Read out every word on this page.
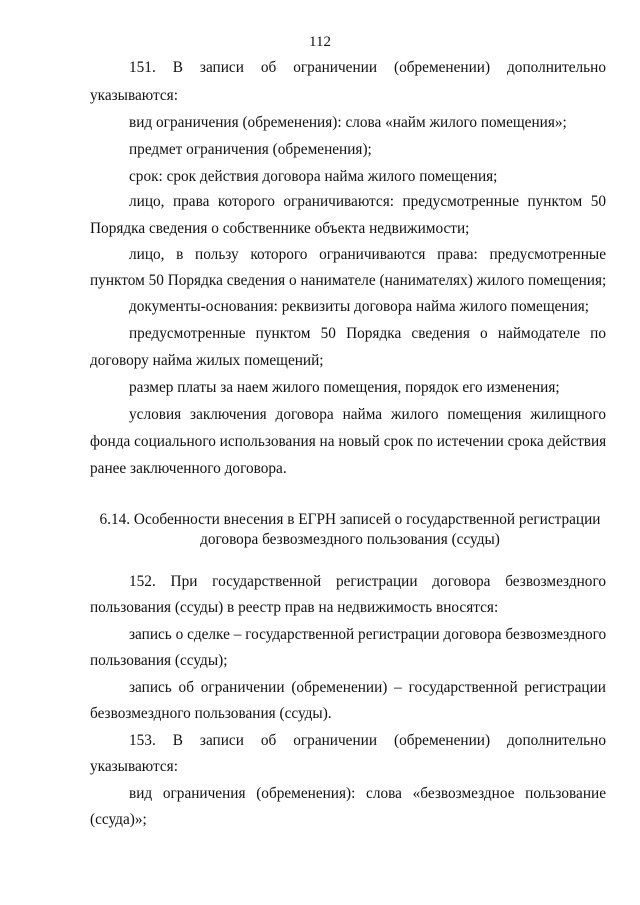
112
151. В записи об ограничении (обременении) дополнительно
указываются:
вид ограничения (обременения): слова «найм жилого помещения»;
предмет ограничения (обременения);
срок: срок действия договора найма жилого помещения;
лицо, права которого ограничиваются: предусмотренные пунктом 50
Порядка сведения о собственнике объекта недвижимости;
лицо, в пользу которого ограничиваются права: предусмотренные
пунктом 50 Порядка сведения о нанимателе (нанимателях) жилого помещения;
документы-основания: реквизиты договора найма жилого помещения;
предусмотренные пунктом 50 Порядка сведения о наймодателе по
договору найма жилых помещений;
размер платы за наем жилого помещения, порядок его изменения;
условия заключения договора найма жилого помещения жилищного
фонда социального использования на новый срок по истечении срока действия
ранее заключенного договора.
6.14. Особенности внесения в ЕГРН записей о государственной регистрации
договора безвозмездного пользования (ссуды)
152. При государственной регистрации договора безвозмездного
пользования (ссуды) в реестр прав на недвижимость вносятся:
запись о сделке – государственной регистрации договора безвозмездного
пользования (ссуды);
запись об ограничении (обременении) – государственной регистрации
безвозмездного пользования (ссуды).
153. В записи об ограничении (обременении) дополнительно
указываются:
вид ограничения (обременения): слова «безвозмездное пользование
(ссуда)»;
